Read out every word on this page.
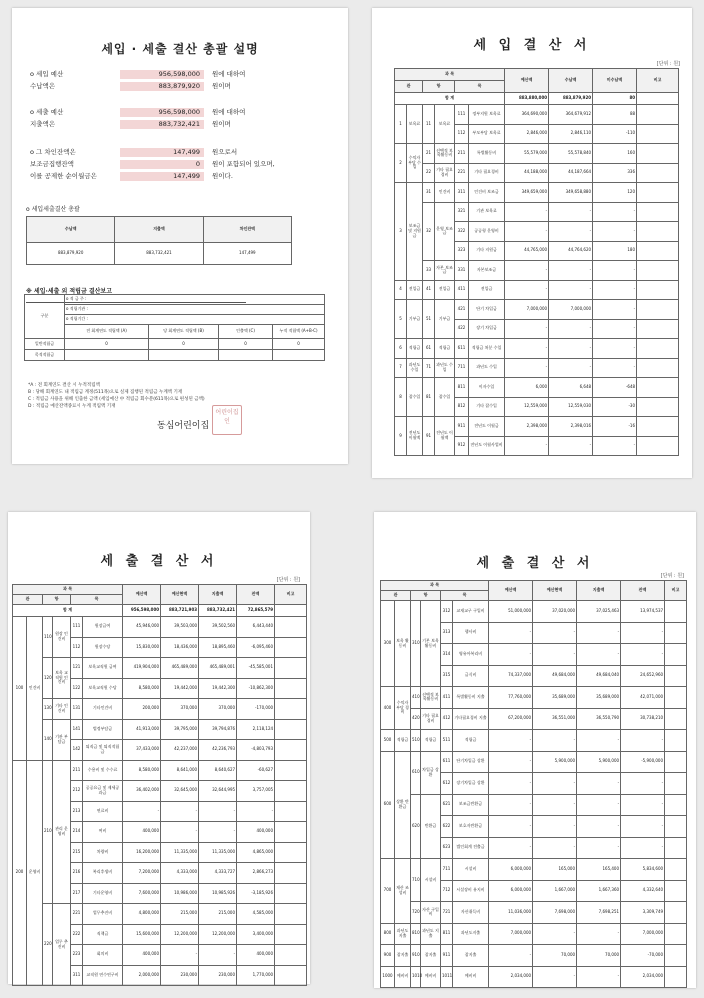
세입 · 세출 결산 총괄 설명
o 세입 예산	956,598,000	원에 대하여
수납액은	883,879,920	원이며
o 세출 예산	956,598,000	원에 대하여
지출액은	883,732,421	원이며
o 그 차인잔액은	147,499	원으로서
보조금집행잔액	0	원이 포함되어 있으며,
이를 공제한 순이월금은	147,499	원이다.
o 세입세출결산 총괄
수납액	지출액	차인잔액
883,879,920	883,732,421	147,499
※ 세입·세출 외 적립금 결산보고
구분	o 적 금 주 :			
	o 적립기관 :			
	o 적립기간 :			
	전 회계연도 적립액 (A)	당 회계연도 적립액 (B)	인출액 (C)	누적 적립액 (A+B-C)
일반적립금	0	0	0	0
목적적립금				
*A : 전 회계연도 결산 시 누적적립액
B : 당해 회계연도 내 적립금 계정(511목)으로 실제 집행된 적립금 누계액 기재
C : 적립금 사용을 위해 인출한 금액 (세입예산 中 적립금 회수분(611목)으로 편성된 금액)
D : 적립금 예산잔액종료시 누계 적립액 기재
동심어린이집
어린이집인
세 입 결 산 서
[단위 : 원]
과 목						예산액	수납액	미수납액	비고
관		항		목					
합 계						883,880,000	883,879,920	80	
1	보육료	11	보육료	111	정부지원 보육료	364,690,000	364,679,912	88	
				112	부모부담 보육료	2,846,000	2,846,110	-110	
2	수익자 부담 수입	21	선택적 보육활동비	211	특별활동비	55,579,000	55,578,840	160	
		22	기타 필요경비	221	기타 필요경비	44,188,000	44,187,664	336	
3	보조금 및 지원금	31	인건비	311	인건비 보조금	349,659,000	349,658,880	120	
		32	운영 보조금	321	기관 보육료	-	-	-	
				322	공공형 운영비	-	-	-	
				323	기타 지원금	44,765,000	44,764,620	180	
		33	자본 보조금	331	자본보조금	-	-	-	
4	전입금	41	전입금	411	전입금	-	-	-	
5	기부금	51	기부금	421	단기 차입금	7,000,000	7,000,000	-	
				422	장기 차입금	-	-	-	
6	적립금	61	적립금	611	적립금 처분 수입	-	-	-	
7	과년도 수입	71	과년도 수입	711	과년도 수입	-	-	-	
8	잡수입	81	잡수입	811	이자수입	6,000	6,648	-648	
				812	기타 잡수입	12,559,000	12,559,030	-30	
9	전년도 이월액	91	전년도 이월액	911	전년도 이월금	2,398,000	2,398,016	-16	
				912	전년도 이월사업비	-	-	-	
세 출 결 산 서
[단위 : 원]
과 목						예산액	예산현액	지출액	잔액	비고
관		항		목						
합 계						956,598,000	883,721,903	883,732,421	72,865,579	
100	인건비	110	원장 인건비	111	원장급여	45,946,000	39,503,000	39,502,560	6,443,440	
				112	원장수당	15,830,000	18,436,000	18,895,460	-6,095,460	
		120	보육 교직원 인건비	121	보육교직원 급여	419,904,000	465,489,000	465,489,001	-45,585,001	
				122	보육교직원 수당	8,580,000	19,442,000	19,442,300	-10,862,300	
		130	기타 인건비	131	기타인건비	200,000	370,000	370,000	-170,000	
		140	기관 부담금	141	법정부담금	41,913,000	39,795,000	39,794,876	2,118,124	
				142	퇴직금 및 퇴직적립금	37,433,000	42,237,000	42,236,793	-4,803,793	
200	운영비	210	관리 운영비	211	수용비 및 수수료	8,580,000	8,641,000	8,640,627	-60,627	
				212	공공요금 및 제세공과금	36,402,000	32,645,000	32,644,995	3,757,005	
				213	연료비	-	-	-	-	
				214	여비	400,000	-	-	400,000	
				215	차량비	16,200,000	11,335,000	11,335,000	4,865,000	
				216	복리후생비	7,200,000	4,333,000	4,333,727	2,866,273	
				217	기타운영비	7,600,000	10,986,000	10,985,926	-3,185,926	
		220	업무 추진비	221	업무추진비	4,800,000	215,000	215,000	4,585,000	
				222	직책급	15,600,000	12,200,000	12,200,000	3,400,000	
				223	회의비	400,000	-	-	400,000	
				311	교직원 연수연구비	2,000,000	230,000	230,000	1,770,000	
세 출 결 산 서
[단위 : 원]
과 목						예산액	예산현액	지출액	잔액	비고
관		항		목						
300	보육 활동비	310	기본 보육 활동비	312	교재교구 구입비	51,000,000	37,020,000	37,025,463	13,974,537	
				313	행사비	-	-	-	-	
				314	영유아복리비	-	-	-	-	
				315	급식비	74,337,000	49,684,000	49,684,040	24,652,960	
400	수익자 부담 경비	410	선택적 보육활동비	411	특별활동비 지출	77,760,000	35,689,000	35,689,000	42,071,000	
		420	기타 필요경비	412	기타필요경비 지출	67,200,000	36,551,000	36,550,790	30,738,210	
500	적립금	510	적립금	511	적립금	-	-	-	-	
600	상환 반환금	610	차입금 상환	611	단기차입금 상환	-	5,900,000	5,900,000	-5,900,000	
				612	장기차입금 상환	-	-	-	-	
		620	반환금	621	보조금반환금	-	-	-	-	
				622	보호자반환금	-	-	-	-	
				623	법인회계 전출금	-	-	-	-	
700	재산 조성비	710	시설비	711	시설비	6,000,000	165,000	165,400	5,834,600	
				712	시설장비 유지비	6,000,000	1,667,000	1,667,360	4,332,640	
		720	자산 구입비	721	자산취득비	11,036,000	7,698,000	7,698,251	3,309,749	
800	과년도 지출	810	과년도 지출	811	과년도지출	7,000,000	-	-	7,000,000	
900	잡지출	910	잡지출	911	잡지출	-	70,000	70,000	-70,000	
1000	예비비	1010	예비비	1011	예비비	2,034,000	-	-	2,034,000	
